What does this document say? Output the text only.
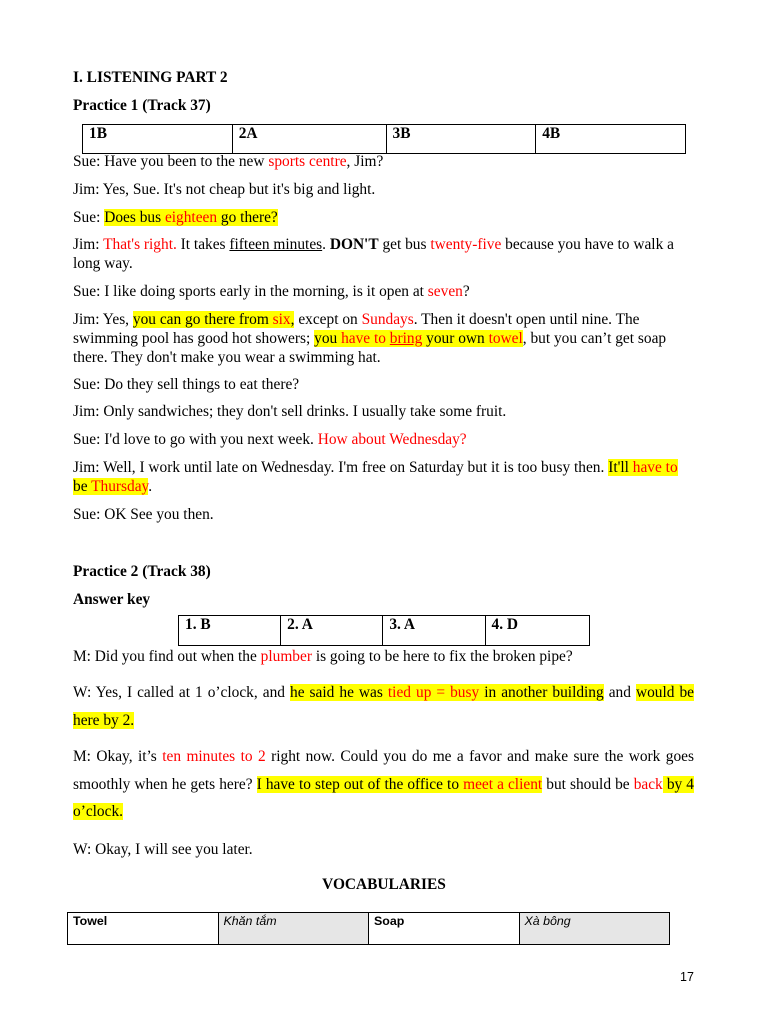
I. LISTENING PART 2
Practice 1 (Track 37)
1B	2A	3B	4B

Sue: Have you been to the new sports centre, Jim?

Jim: Yes, Sue. It's not cheap but it's big and light.

Sue: Does bus eighteen go there?

Jim: That's right. It takes fifteen minutes. DON'T get bus twenty-five because you have to walk a long way.

Sue: I like doing sports early in the morning, is it open at seven?

Jim: Yes, you can go there from six, except on Sundays. Then it doesn't open until nine. The swimming pool has good hot showers; you have to bring your own towel, but you can’t get soap there. They don't make you wear a swimming hat.

Sue: Do they sell things to eat there?

Jim: Only sandwiches; they don't sell drinks. I usually take some fruit.

Sue: I'd love to go with you next week. How about Wednesday?

Jim: Well, I work until late on Wednesday. I'm free on Saturday but it is too busy then. It'll have to be Thursday.

Sue: OK See you then.

Practice 2 (Track 38)
Answer key
1. B	2. A	3. A	4. D

M: Did you find out when the plumber is going to be here to fix the broken pipe?

W: Yes, I called at 1 o’clock, and he said he was tied up = busy in another building and would be here by 2.

M: Okay, it’s ten minutes to 2 right now. Could you do me a favor and make sure the work goes smoothly when he gets here? I have to step out of the office to meet a client but should be back by 4 o’clock.

W: Okay, I will see you later.

VOCABULARIES
Towel	Khăn tắm	Soap	Xà bông
17
